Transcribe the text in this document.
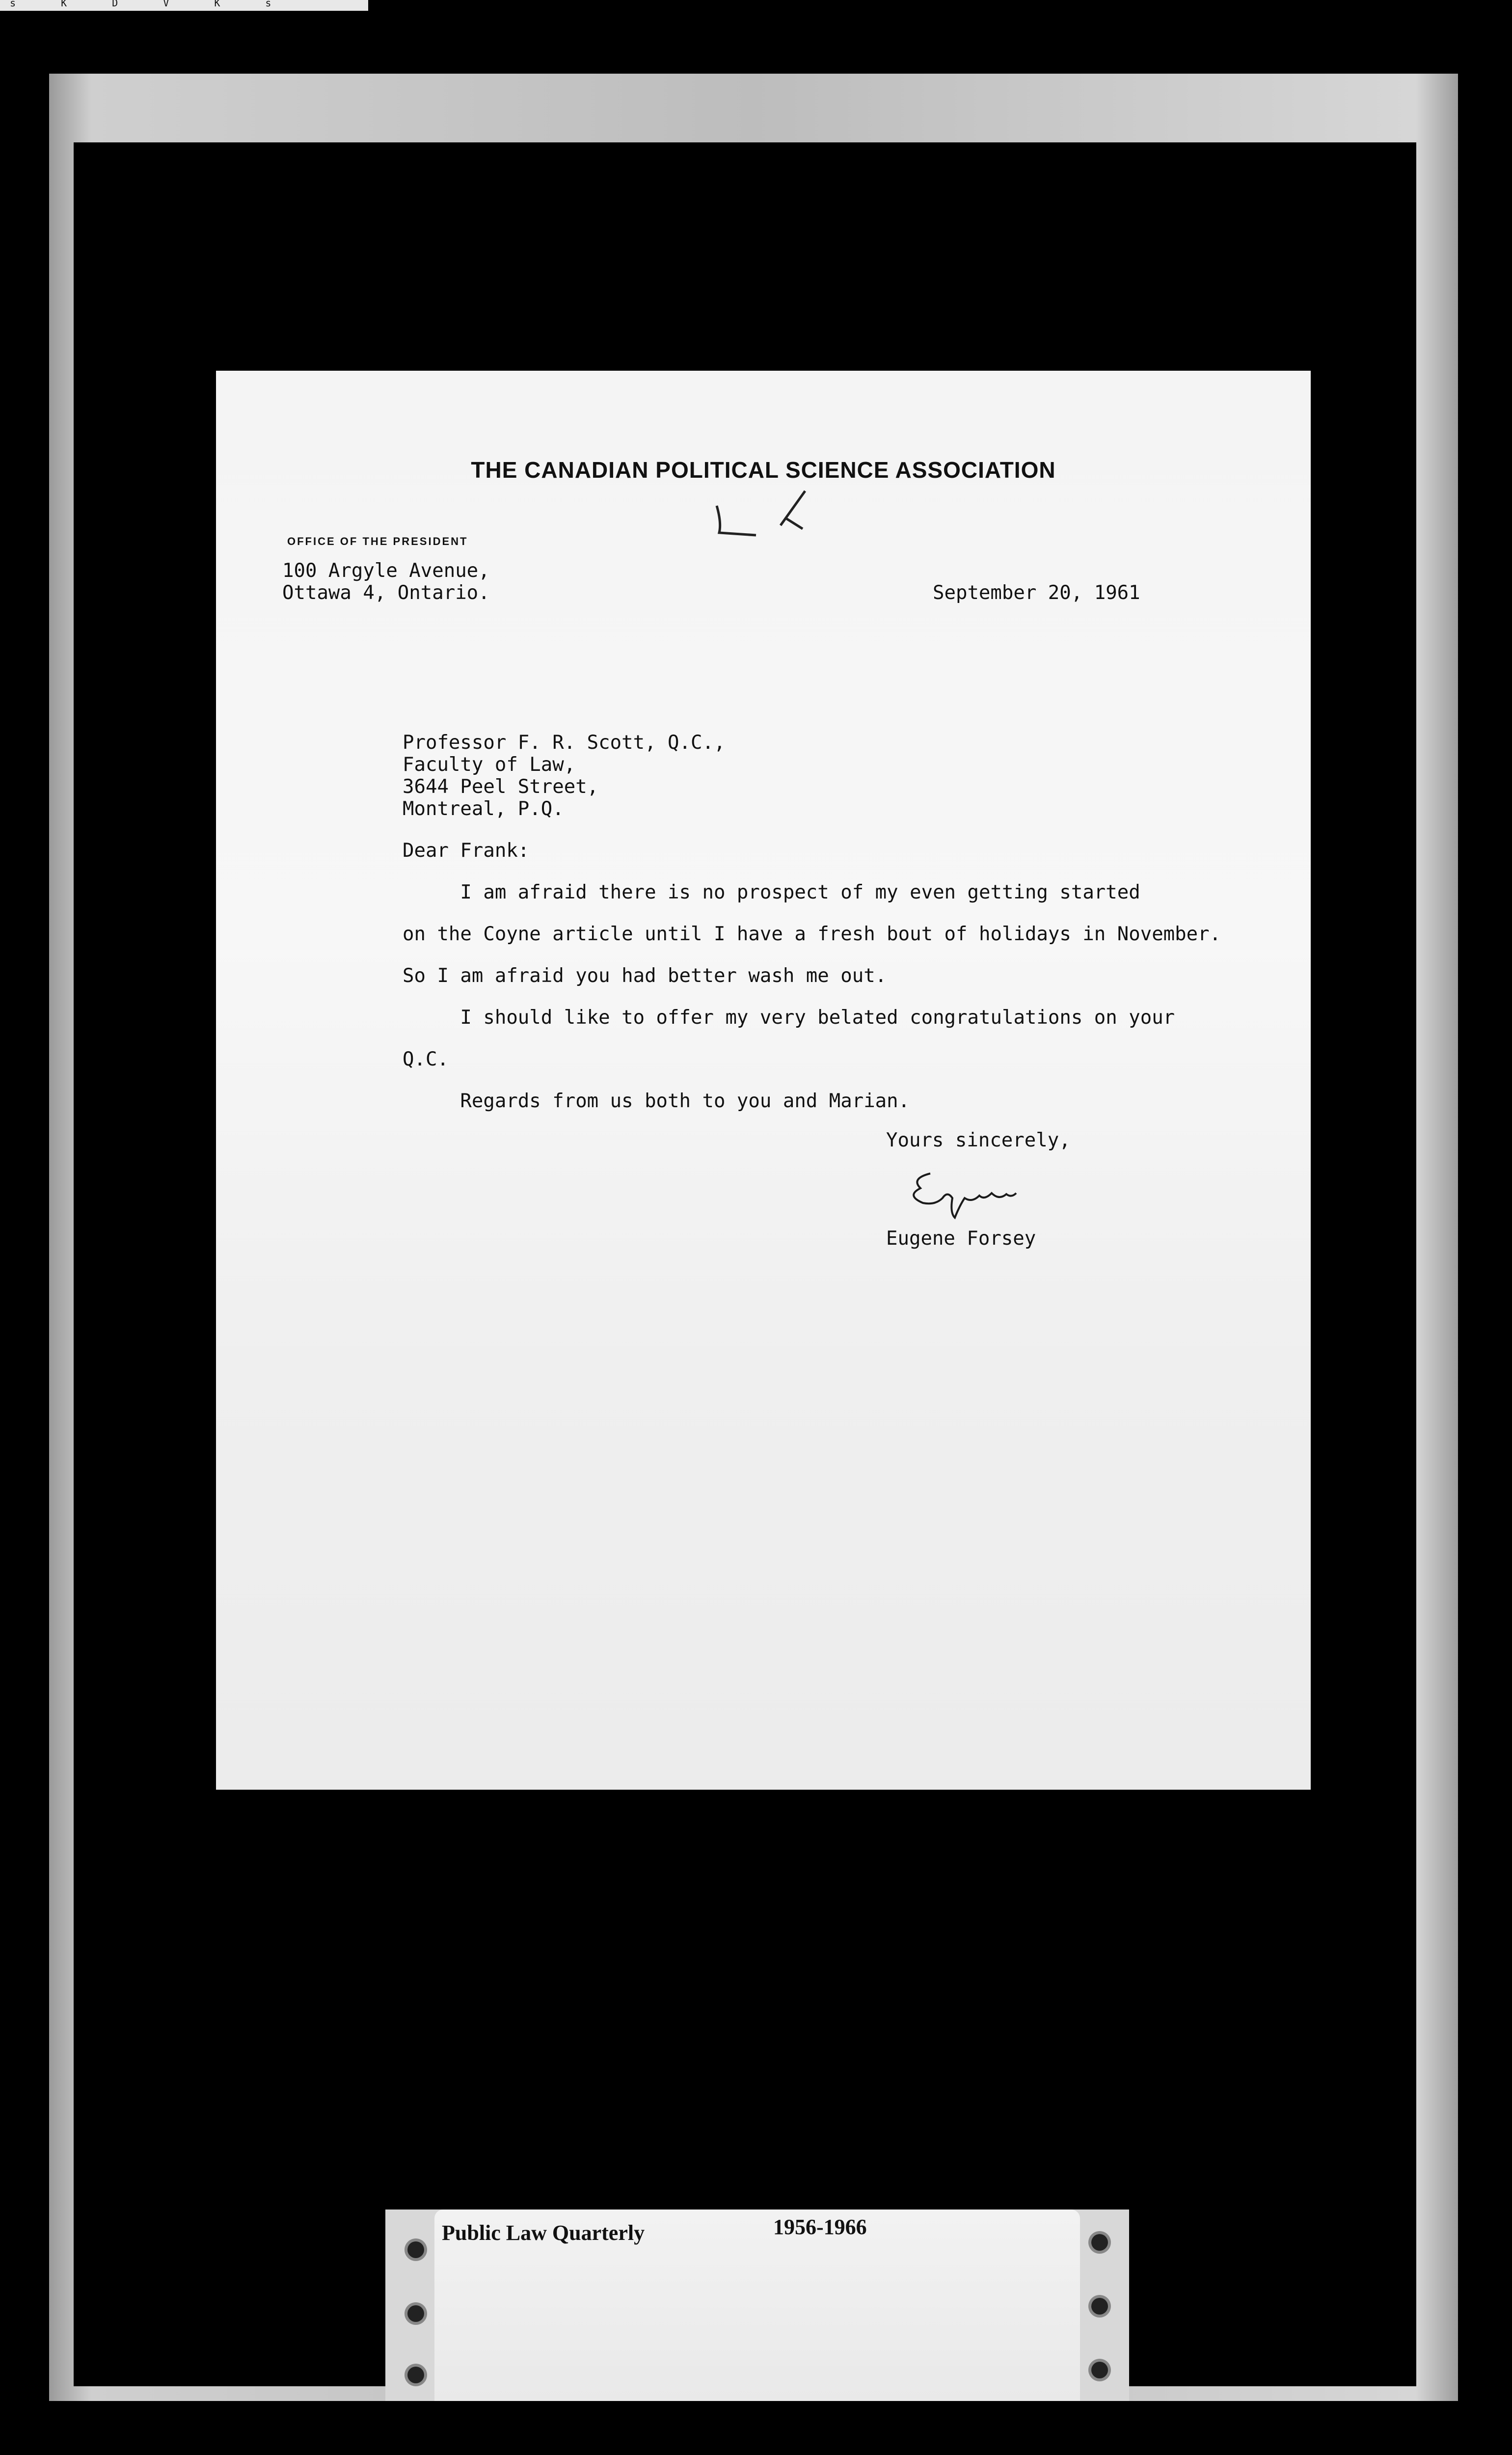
s K D V K s
THE CANADIAN POLITICAL SCIENCE ASSOCIATION
OFFICE OF THE PRESIDENT
100 Argyle Avenue,
Ottawa 4, Ontario.	September 20, 1961
Professor F. R. Scott, Q.C.,
Faculty of Law,
3644 Peel Street,
Montreal, P.Q.
Dear Frank:
I am afraid there is no prospect of my even getting started
on the Coyne article until I have a fresh bout of holidays in November.
So I am afraid you had better wash me out.
I should like to offer my very belated congratulations on your
Q.C.
Regards from us both to you and Marian.
Yours sincerely,
Eugene Forsey
Public Law Quarterly	1956-1966
